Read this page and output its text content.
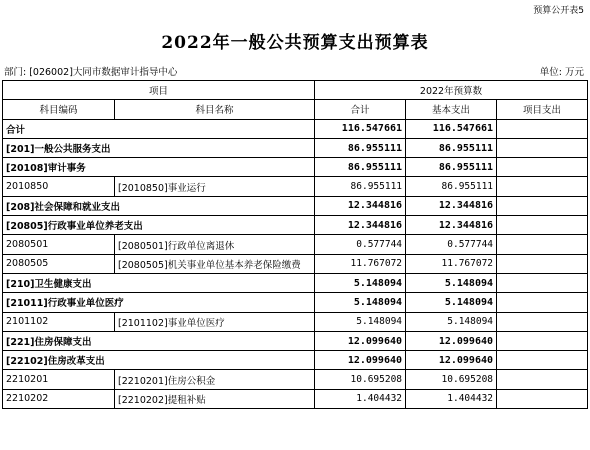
预算公开表5
2022年一般公共预算支出预算表
部门: [026002]大同市数据审计指导中心	单位: 万元
项目		2022年预算数		
科目编码	科目名称	合计	基本支出	项目支出
合计		116.547661	116.547661	
[201]一般公共服务支出		86.955111	86.955111	
[20108]审计事务		86.955111	86.955111	
2010850	[2010850]事业运行	86.955111	86.955111	
[208]社会保障和就业支出		12.344816	12.344816	
[20805]行政事业单位养老支出		12.344816	12.344816	
2080501	[2080501]行政单位离退休	0.577744	0.577744	
2080505	[2080505]机关事业单位基本养老保险缴费	11.767072	11.767072	
[210]卫生健康支出		5.148094	5.148094	
[21011]行政事业单位医疗		5.148094	5.148094	
2101102	[2101102]事业单位医疗	5.148094	5.148094	
[221]住房保障支出		12.099640	12.099640	
[22102]住房改革支出		12.099640	12.099640	
2210201	[2210201]住房公积金	10.695208	10.695208	
2210202	[2210202]提租补贴	1.404432	1.404432	
